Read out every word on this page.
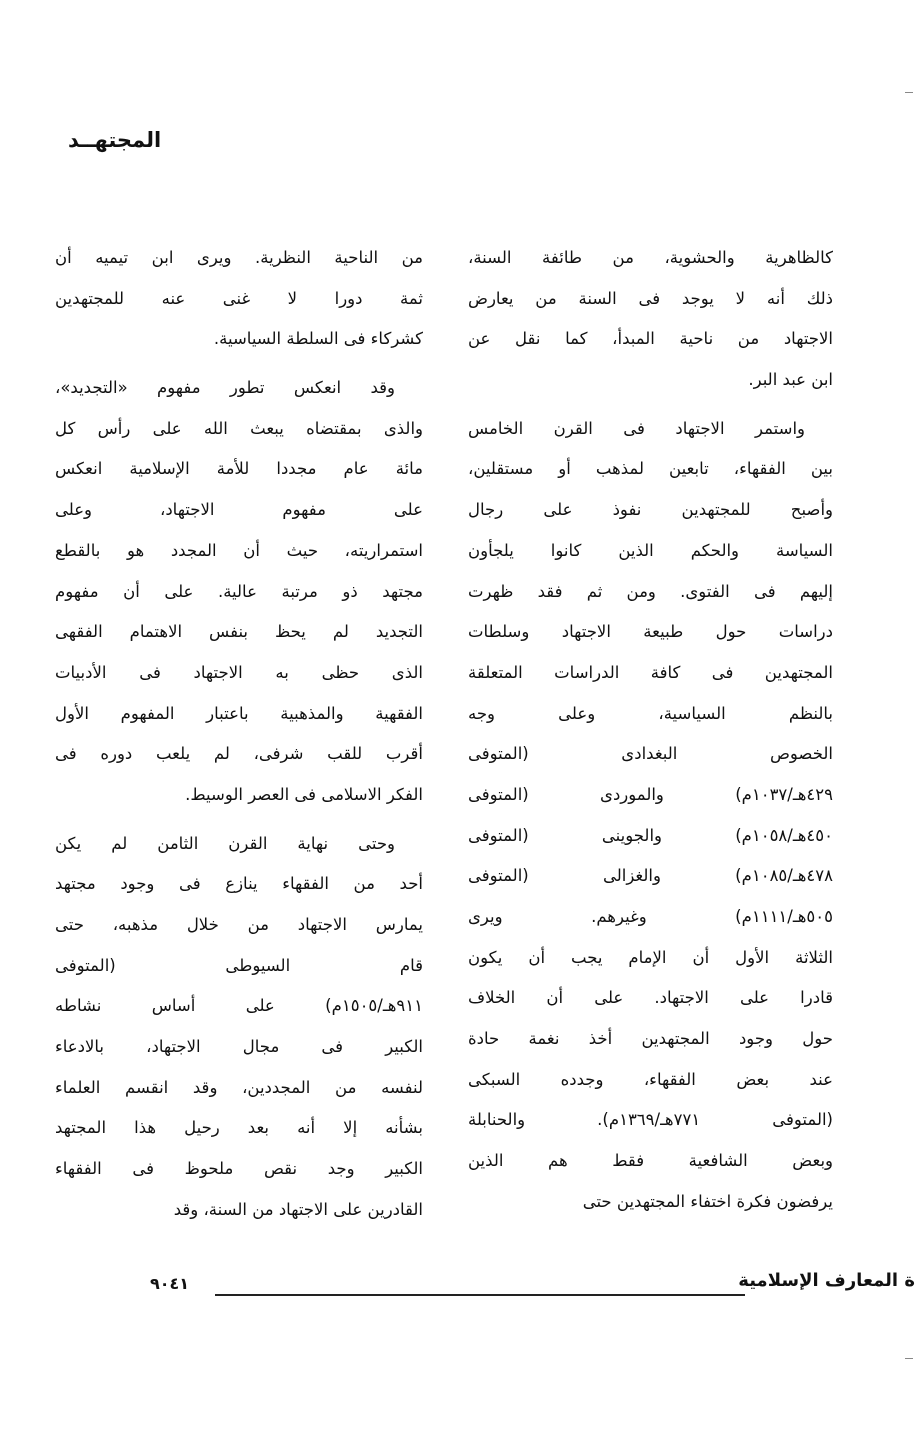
المجتهــد

كالظاهرية والحشوية، من طائفة السنة،
ذلك أنه لا يوجد فى السنة من يعارض
الاجتهاد من ناحية المبدأ، كما نقل عن
ابن عبد البر.

واستمر الاجتهاد فى القرن الخامس
بين الفقهاء، تابعين لمذهب أو مستقلين،
وأصبح للمجتهدين نفوذ على رجال
السياسة والحكم الذين كانوا يلجأون
إليهم فى الفتوى. ومن ثم فقد ظهرت
دراسات حول طبيعة الاجتهاد وسلطات
المجتهدين فى كافة الدراسات المتعلقة
بالنظم السياسية، وعلى وجه
الخصوص البغدادى (المتوفى
٤٢٩هـ/١٠٣٧م) والموردى (المتوفى
٤٥٠هـ/١٠٥٨م) والجوينى (المتوفى
٤٧٨هـ/١٠٨٥م) والغزالى (المتوفى
٥٠٥هـ/١١١١م) وغيرهم. ويرى
الثلاثة الأول أن الإمام يجب أن يكون
قادرا على الاجتهاد. على أن الخلاف
حول وجود المجتهدين أخذ نغمة حادة
عند بعض الفقهاء، وجدده السبكى
(المتوفى ٧٧١هـ/١٣٦٩م). والحنابلة
وبعض الشافعية فقط هم الذين
يرفضون فكرة اختفاء المجتهدين حتى

من الناحية النظرية. ويرى ابن تيميه أن
ثمة دورا لا غنى عنه للمجتهدين
كشركاء فى السلطة السياسية.

وقد انعكس تطور مفهوم «التجديد»،
والذى بمقتضاه يبعث الله على رأس كل
مائة عام مجددا للأمة الإسلامية انعكس
على مفهوم الاجتهاد، وعلى
استمراريته، حيث أن المجدد هو بالقطع
مجتهد ذو مرتبة عالية. على أن مفهوم
التجديد لم يحظ بنفس الاهتمام الفقهى
الذى حظى به الاجتهاد فى الأدبيات
الفقهية والمذهبية باعتبار المفهوم الأول
أقرب للقب شرفى، لم يلعب دوره فى
الفكر الاسلامى فى العصر الوسيط.

وحتى نهاية القرن الثامن لم يكن
أحد من الفقهاء ينازع فى وجود مجتهد
يمارس الاجتهاد من خلال مذهبه، حتى
قام السيوطى (المتوفى
٩١١هـ/١٥٠٥م) على أساس نشاطه
الكبير فى مجال الاجتهاد، بالادعاء
لنفسه من المجددين، وقد انقسم العلماء
بشأنه إلا أنه بعد رحيل هذا المجتهد
الكبير وجد نقص ملحوظ فى الفقهاء
القادرين على الاجتهاد من السنة، وقد

ة المعارف الإسلامية
٩٠٤١
